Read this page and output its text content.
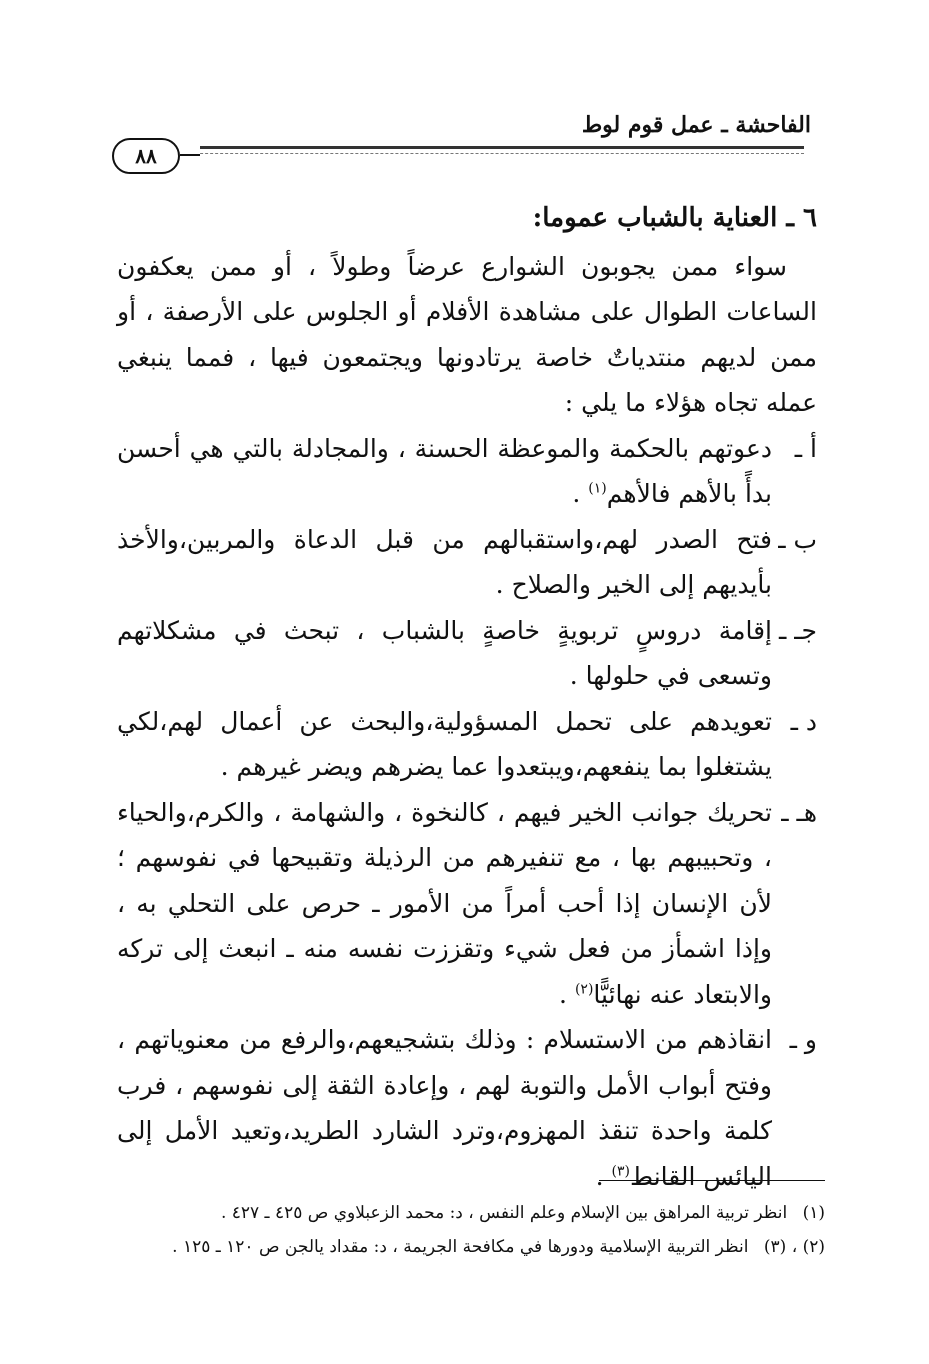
الفاحشة ـ عمل قوم لوط
٨٨

٦ ـ العناية بالشباب عموما:

سواء ممن يجوبون الشوارع عرضاً وطولاً ، أو ممن يعكفون الساعات الطوال على مشاهدة الأفلام أو الجلوس على الأرصفة ، أو ممن لديهم منتدياتٌ خاصة يرتادونها ويجتمعون فيها ، فمما ينبغي عمله تجاه هؤلاء ما يلي :

أ ـ
دعوتهم بالحكمة والموعظة الحسنة ، والمجادلة بالتي هي أحسن بدأً بالأهم فالأهم$^{(١)}$ .

ب ـ
فتح الصدر لهم،واستقبالهم من قبل الدعاة والمربين،والأخذ بأيديهم إلى الخير والصلاح .

جـ ـ
إقامة دروسٍ تربويةٍ خاصةٍ بالشباب ، تبحث في مشكلاتهم وتسعى في حلولها .

د ـ
تعويدهم على تحمل المسؤولية،والبحث عن أعمال لهم،لكي يشتغلوا بما ينفعهم،ويبتعدوا عما يضرهم ويضر غيرهم .

هـ ـ
تحريك جوانب الخير فيهم ، كالنخوة ، والشهامة ، والكرم،والحياء ، وتحبيبهم بها ، مع تنفيرهم من الرذيلة وتقبيحها في نفوسهم ؛ لأن الإنسان إذا أحب أمراً من الأمور ـ حرص على التحلي به ، وإذا اشمأز من فعل شيء وتقززت نفسه منه ـ انبعث إلى تركه والابتعاد عنه نهائيًّا$^{(٢)}$ .

و ـ
انقاذهم من الاستسلام : وذلك بتشجيعهم،والرفع من معنوياتهم ، وفتح أبواب الأمل والتوبة لهم ، وإعادة الثقة إلى نفوسهم ، فرب كلمة واحدة تنقذ المهزوم،وترد الشارد الطريد،وتعيد الأمل إلى اليائس القانط$^{(٣)}$ .

(١) انظر تربية المراهق بين الإسلام وعلم النفس ، د: محمد الزعبلاوي ص ٤٢٥ ـ ٤٢٧ .

(٢) ، (٣) انظر التربية الإسلامية ودورها في مكافحة الجريمة ، د: مقداد يالجن ص ١٢٠ ـ ١٢٥ .
